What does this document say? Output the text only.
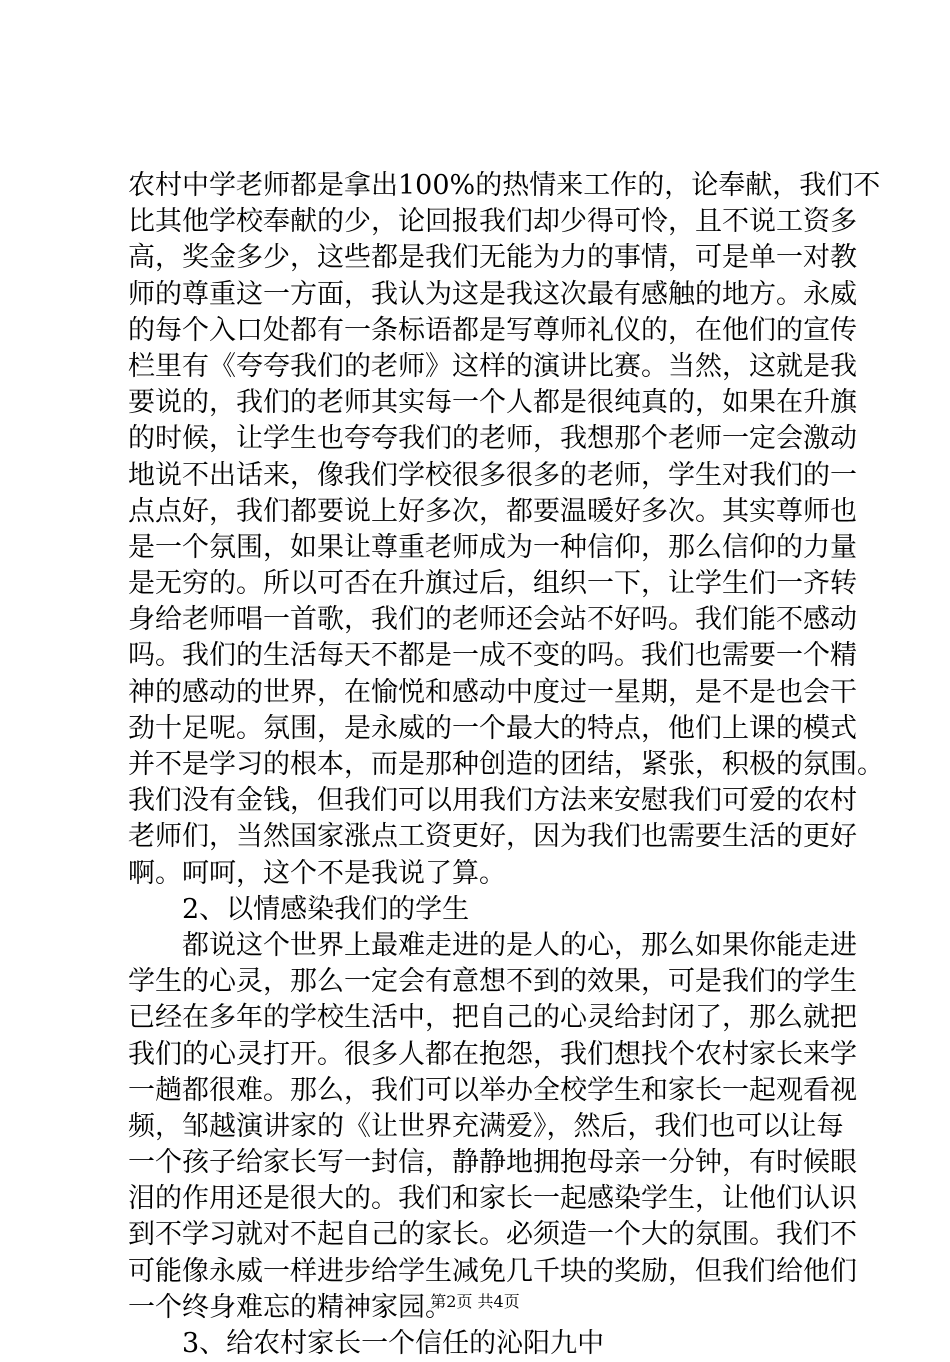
农村中学老师都是拿出100%的热情来工作的，论奉献，我们不
比其他学校奉献的少，论回报我们却少得可怜，且不说工资多
高，奖金多少，这些都是我们无能为力的事情，可是单一对教
师的尊重这一方面，我认为这是我这次最有感触的地方。永威
的每个入口处都有一条标语都是写尊师礼仪的，在他们的宣传
栏里有《夸夸我们的老师》这样的演讲比赛。当然，这就是我
要说的，我们的老师其实每一个人都是很纯真的，如果在升旗
的时候，让学生也夸夸我们的老师，我想那个老师一定会激动
地说不出话来，像我们学校很多很多的老师，学生对我们的一
点点好，我们都要说上好多次，都要温暖好多次。其实尊师也
是一个氛围，如果让尊重老师成为一种信仰，那么信仰的力量
是无穷的。所以可否在升旗过后，组织一下，让学生们一齐转
身给老师唱一首歌，我们的老师还会站不好吗。我们能不感动
吗。我们的生活每天不都是一成不变的吗。我们也需要一个精
神的感动的世界，在愉悦和感动中度过一星期，是不是也会干
劲十足呢。氛围，是永威的一个最大的特点，他们上课的模式
并不是学习的根本，而是那种创造的团结，紧张，积极的氛围。
我们没有金钱，但我们可以用我们方法来安慰我们可爱的农村
老师们，当然国家涨点工资更好，因为我们也需要生活的更好
啊。呵呵，这个不是我说了算。
2、以情感染我们的学生
都说这个世界上最难走进的是人的心，那么如果你能走进
学生的心灵，那么一定会有意想不到的效果，可是我们的学生
已经在多年的学校生活中，把自己的心灵给封闭了，那么就把
我们的心灵打开。很多人都在抱怨，我们想找个农村家长来学
一趟都很难。那么，我们可以举办全校学生和家长一起观看视
频，邹越演讲家的《让世界充满爱》，然后，我们也可以让每
一个孩子给家长写一封信，静静地拥抱母亲一分钟，有时候眼
泪的作用还是很大的。我们和家长一起感染学生，让他们认识
到不学习就对不起自己的家长。必须造一个大的氛围。我们不
可能像永威一样进步给学生减免几千块的奖励，但我们给他们
一个终身难忘的精神家园。
3、给农村家长一个信任的沁阳九中
第2页 共4页
